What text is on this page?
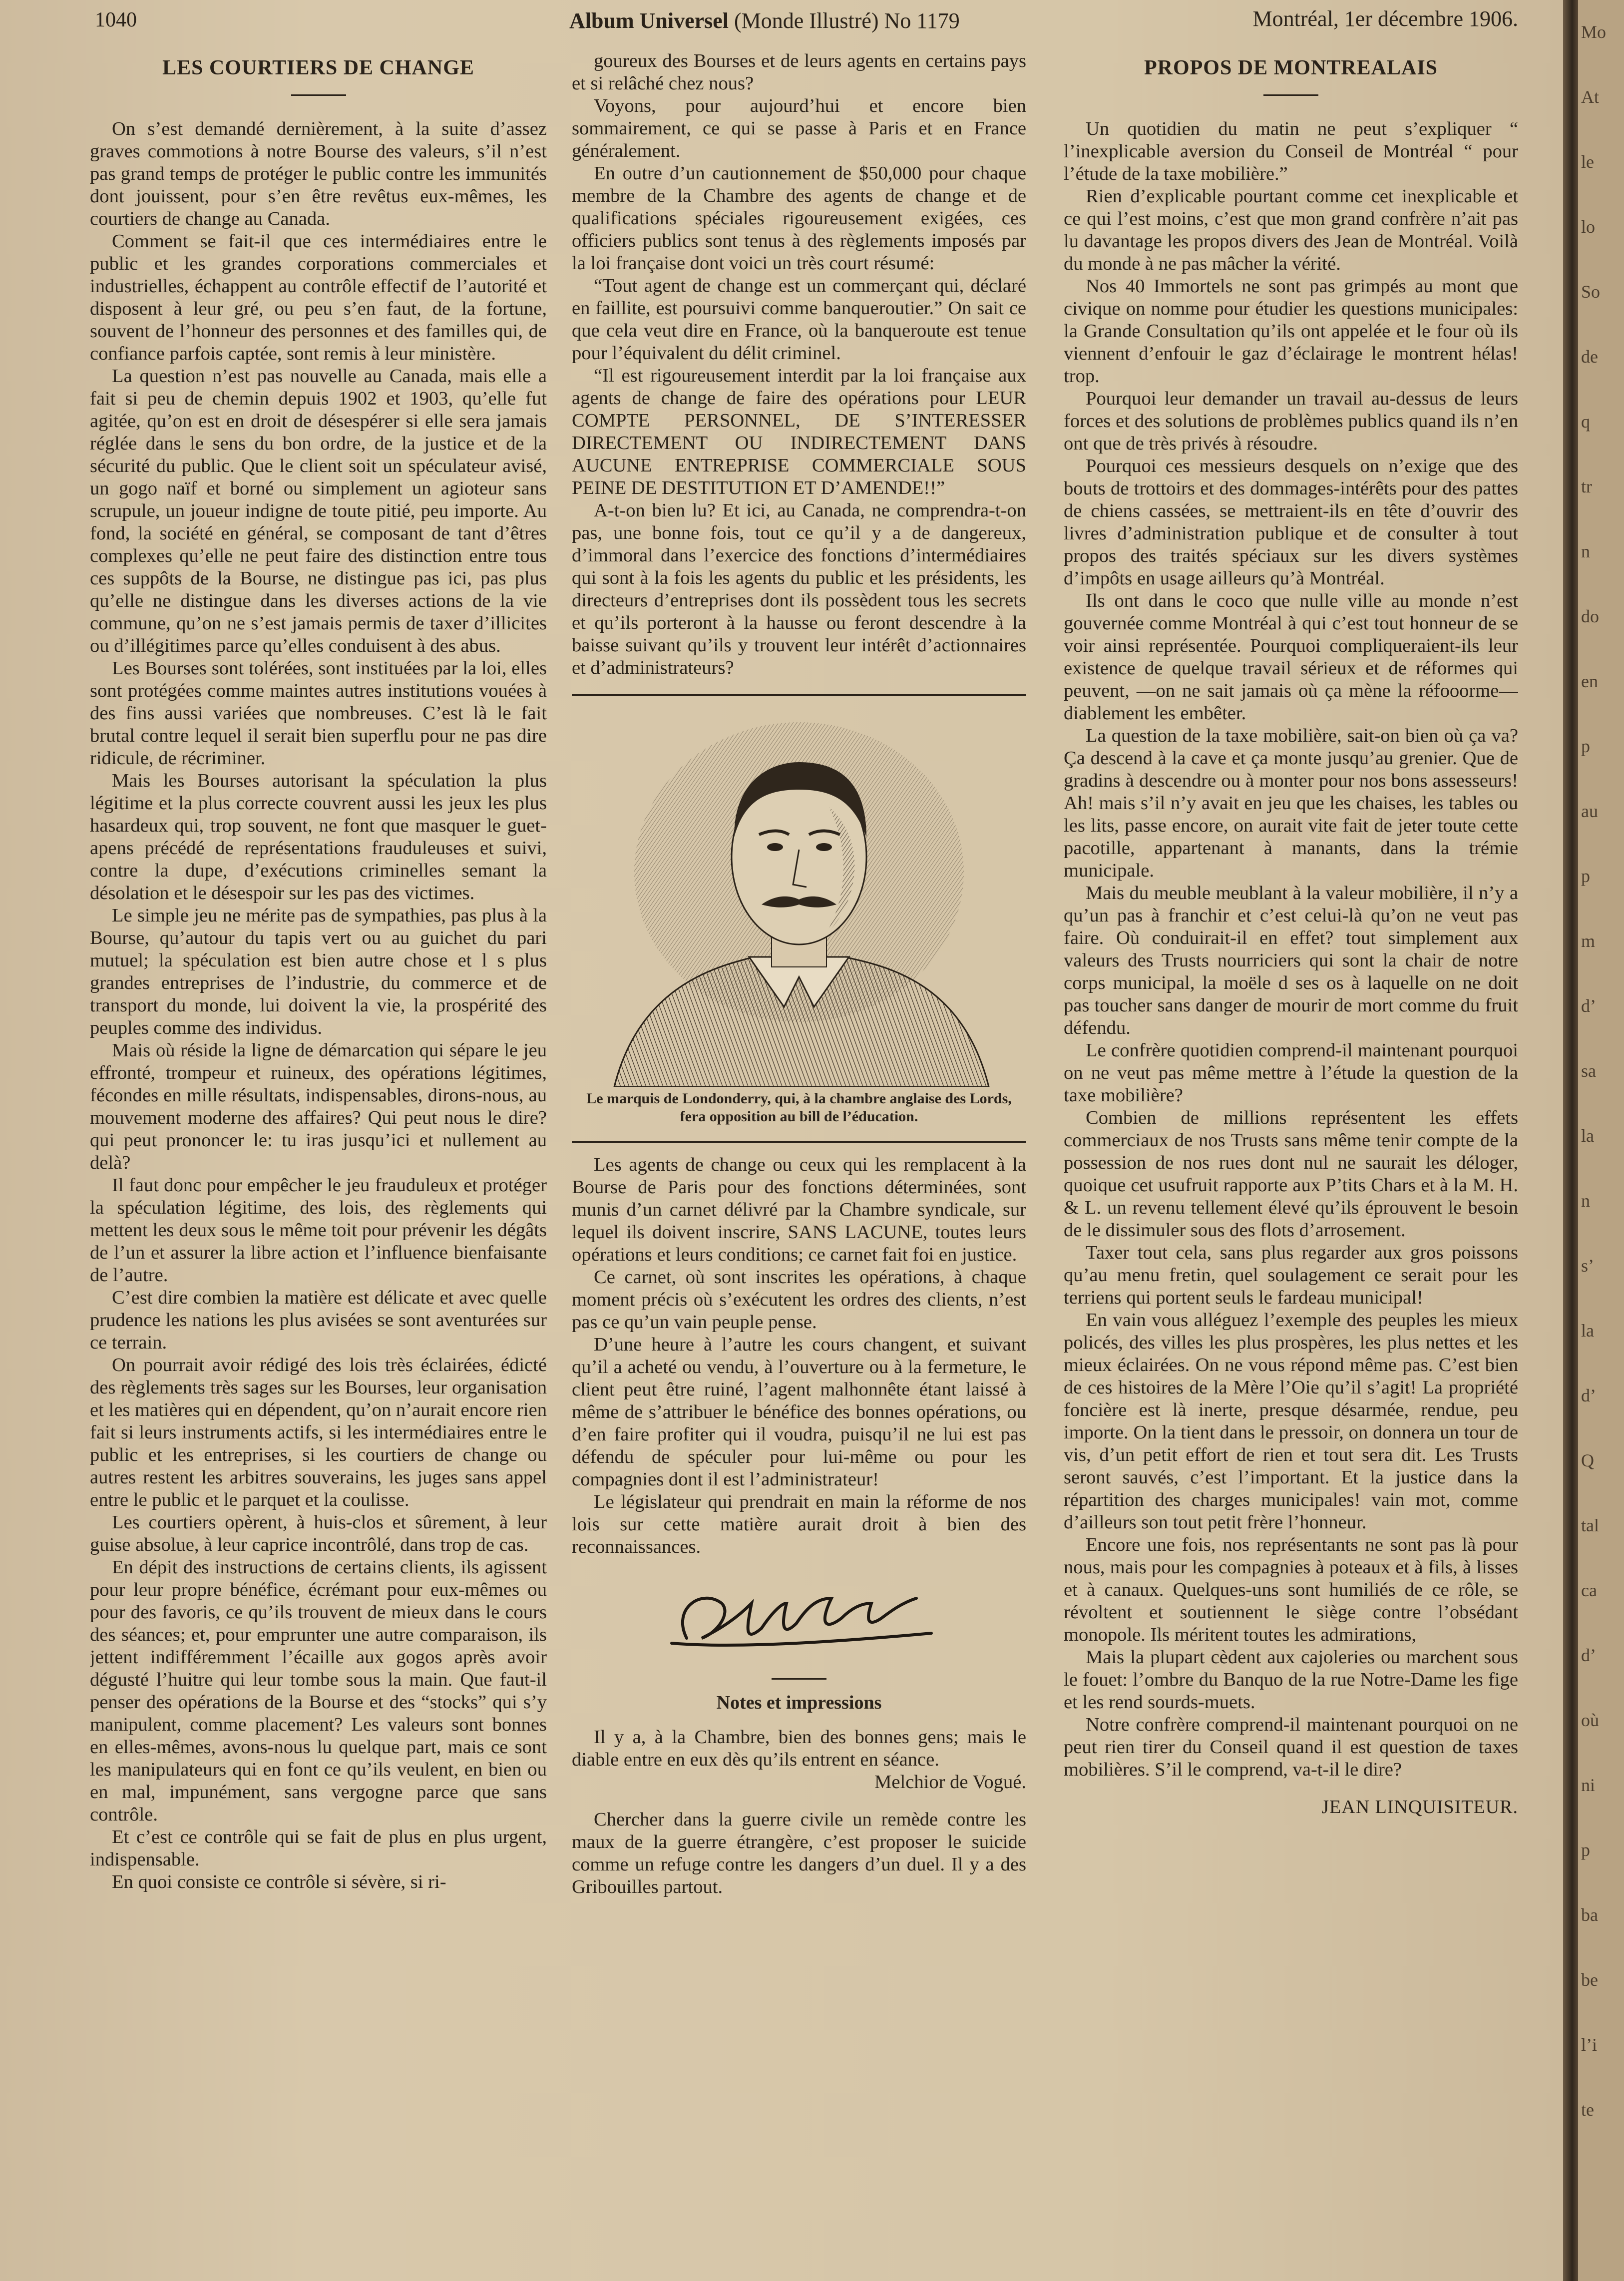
1040	Album Universel (Monde Illustré) No 1179	Montréal, 1er décembre 1906.
LES COURTIERS DE CHANGE

On s’est demandé dernièrement, à la suite d’assez graves commotions à notre Bourse des valeurs, s’il n’est pas grand temps de protéger le public contre les immunités dont jouissent, pour s’en être revêtus eux-mêmes, les courtiers de change au Canada.

Comment se fait-il que ces intermédiaires entre le public et les grandes corporations commerciales et industrielles, échappent au contrôle effectif de l’autorité et disposent à leur gré, ou peu s’en faut, de la fortune, souvent de l’honneur des personnes et des familles qui, de confiance parfois captée, sont remis à leur ministère.

La question n’est pas nouvelle au Canada, mais elle a fait si peu de chemin depuis 1902 et 1903, qu’elle fut agitée, qu’on est en droit de désespérer si elle sera jamais réglée dans le sens du bon ordre, de la justice et de la sécurité du public. Que le client soit un spéculateur avisé, un gogo naïf et borné ou simplement un agioteur sans scrupule, un joueur indigne de toute pitié, peu importe. Au fond, la société en général, se composant de tant d’êtres complexes qu’elle ne peut faire des distinction entre tous ces suppôts de la Bourse, ne distingue pas ici, pas plus qu’elle ne distingue dans les diverses actions de la vie commune, qu’on ne s’est jamais permis de taxer d’illicites ou d’illégitimes parce qu’elles conduisent à des abus.

Les Bourses sont tolérées, sont instituées par la loi, elles sont protégées comme maintes autres institutions vouées à des fins aussi variées que nombreuses. C’est là le fait brutal contre lequel il serait bien superflu pour ne pas dire ridicule, de récriminer.

Mais les Bourses autorisant la spéculation la plus légitime et la plus correcte couvrent aussi les jeux les plus hasardeux qui, trop souvent, ne font que masquer le guet-apens précédé de représentations frauduleuses et suivi, contre la dupe, d’exécutions criminelles semant la désolation et le désespoir sur les pas des victimes.

Le simple jeu ne mérite pas de sympathies, pas plus à la Bourse, qu’autour du tapis vert ou au guichet du pari mutuel; la spéculation est bien autre chose et l s plus grandes entreprises de l’industrie, du commerce et de transport du monde, lui doivent la vie, la prospérité des peuples comme des individus.

Mais où réside la ligne de démarcation qui sépare le jeu effronté, trompeur et ruineux, des opérations légitimes, fécondes en mille résultats, indispensables, dirons-nous, au mouvement moderne des affaires? Qui peut nous le dire? qui peut prononcer le: tu iras jusqu’ici et nullement au delà?

Il faut donc pour empêcher le jeu frauduleux et protéger la spéculation légitime, des lois, des règlements qui mettent les deux sous le même toit pour prévenir les dégâts de l’un et assurer la libre action et l’influence bienfaisante de l’autre.

C’est dire combien la matière est délicate et avec quelle prudence les nations les plus avisées se sont aventurées sur ce terrain.

On pourrait avoir rédigé des lois très éclairées, édicté des règlements très sages sur les Bourses, leur organisation et les matières qui en dépendent, qu’on n’aurait encore rien fait si leurs instruments actifs, si les intermédiaires entre le public et les entreprises, si les courtiers de change ou autres restent les arbitres souverains, les juges sans appel entre le public et le parquet et la coulisse.

Les courtiers opèrent, à huis-clos et sûrement, à leur guise absolue, à leur caprice incontrôlé, dans trop de cas.

En dépit des instructions de certains clients, ils agissent pour leur propre bénéfice, écrémant pour eux-mêmes ou pour des favoris, ce qu’ils trouvent de mieux dans le cours des séances; et, pour emprunter une autre comparaison, ils jettent indifféremment l’écaille aux gogos après avoir dégusté l’huitre qui leur tombe sous la main. Que faut-il penser des opérations de la Bourse et des “stocks” qui s’y manipulent, comme placement? Les valeurs sont bonnes en elles-mêmes, avons-nous lu quelque part, mais ce sont les manipulateurs qui en font ce qu’ils veulent, en bien ou en mal, impunément, sans vergogne parce que sans contrôle.

Et c’est ce contrôle qui se fait de plus en plus urgent, indispensable.

En quoi consiste ce contrôle si sévère, si ri-

goureux des Bourses et de leurs agents en certains pays et si relâché chez nous?

Voyons, pour aujourd’hui et encore bien sommairement, ce qui se passe à Paris et en France généralement.

En outre d’un cautionnement de $50,000 pour chaque membre de la Chambre des agents de change et de qualifications spéciales rigoureusement exigées, ces officiers publics sont tenus à des règlements imposés par la loi française dont voici un très court résumé:

“Tout agent de change est un commerçant qui, déclaré en faillite, est poursuivi comme banqueroutier.” On sait ce que cela veut dire en France, où la banqueroute est tenue pour l’équivalent du délit criminel.

“Il est rigoureusement interdit par la loi française aux agents de change de faire des opérations pour LEUR COMPTE PERSONNEL, DE S’INTERESSER DIRECTEMENT OU INDIRECTEMENT DANS AUCUNE ENTREPRISE COMMERCIALE SOUS PEINE DE DESTITUTION ET D’AMENDE!!”

A-t-on bien lu? Et ici, au Canada, ne comprendra-t-on pas, une bonne fois, tout ce qu’il y a de dangereux, d’immoral dans l’exercice des fonctions d’intermédiaires qui sont à la fois les agents du public et les présidents, les directeurs d’entreprises dont ils possèdent tous les secrets et qu’ils porteront à la hausse ou feront descendre à la baisse suivant qu’ils y trouvent leur intérêt d’actionnaires et d’administrateurs?

Le marquis de Londonderry, qui, à la chambre anglaise des Lords, fera opposition au bill de l’éducation.

Les agents de change ou ceux qui les remplacent à la Bourse de Paris pour des fonctions déterminées, sont munis d’un carnet délivré par la Chambre syndicale, sur lequel ils doivent inscrire, SANS LACUNE, toutes leurs opérations et leurs conditions; ce carnet fait foi en justice.

Ce carnet, où sont inscrites les opérations, à chaque moment précis où s’exécutent les ordres des clients, n’est pas ce qu’un vain peuple pense.

D’une heure à l’autre les cours changent, et suivant qu’il a acheté ou vendu, à l’ouverture ou à la fermeture, le client peut être ruiné, l’agent malhonnête étant laissé à même de s’attribuer le bénéfice des bonnes opérations, ou d’en faire profiter qui il voudra, puisqu’il ne lui est pas défendu de spéculer pour lui-même ou pour les compagnies dont il est l’administrateur!

Le législateur qui prendrait en main la réforme de nos lois sur cette matière aurait droit à bien des reconnaissances.

Notes et impressions

Il y a, à la Chambre, bien des bonnes gens; mais le diable entre en eux dès qu’ils entrent en séance.
Melchior de Vogué.

Chercher dans la guerre civile un remède contre les maux de la guerre étrangère, c’est proposer le suicide comme un refuge contre les dangers d’un duel. Il y a des Gribouilles partout.

PROPOS DE MONTREALAIS

Un quotidien du matin ne peut s’expliquer “ l’inexplicable aversion du Conseil de Montréal “ pour l’étude de la taxe mobilière.”

Rien d’explicable pourtant comme cet inexplicable et ce qui l’est moins, c’est que mon grand confrère n’ait pas lu davantage les propos divers des Jean de Montréal. Voilà du monde à ne pas mâcher la vérité.

Nos 40 Immortels ne sont pas grimpés au mont que civique on nomme pour étudier les questions municipales: la Grande Consultation qu’ils ont appelée et le four où ils viennent d’enfouir le gaz d’éclairage le montrent hélas! trop.

Pourquoi leur demander un travail au-dessus de leurs forces et des solutions de problèmes publics quand ils n’en ont que de très privés à résoudre.

Pourquoi ces messieurs desquels on n’exige que des bouts de trottoirs et des dommages-intérêts pour des pattes de chiens cassées, se mettraient-ils en tête d’ouvrir des livres d’administration publique et de consulter à tout propos des traités spéciaux sur les divers systèmes d’impôts en usage ailleurs qu’à Montréal.

Ils ont dans le coco que nulle ville au monde n’est gouvernée comme Montréal à qui c’est tout honneur de se voir ainsi représentée. Pourquoi compliqueraient-ils leur existence de quelque travail sérieux et de réformes qui peuvent, —on ne sait jamais où ça mène la réfooorme— diablement les embêter.

La question de la taxe mobilière, sait-on bien où ça va? Ça descend à la cave et ça monte jusqu’au grenier. Que de gradins à descendre ou à monter pour nos bons assesseurs! Ah! mais s’il n’y avait en jeu que les chaises, les tables ou les lits, passe encore, on aurait vite fait de jeter toute cette pacotille, appartenant à manants, dans la trémie municipale.

Mais du meuble meublant à la valeur mobilière, il n’y a qu’un pas à franchir et c’est celui-là qu’on ne veut pas faire. Où conduirait-il en effet? tout simplement aux valeurs des Trusts nourriciers qui sont la chair de notre corps municipal, la moële d ses os à laquelle on ne doit pas toucher sans danger de mourir de mort comme du fruit défendu.

Le confrère quotidien comprend-il maintenant pourquoi on ne veut pas même mettre à l’étude la question de la taxe mobilière?

Combien de millions représentent les effets commerciaux de nos Trusts sans même tenir compte de la possession de nos rues dont nul ne saurait les déloger, quoique cet usufruit rapporte aux P’tits Chars et à la M. H. & L. un revenu tellement élevé qu’ils éprouvent le besoin de le dissimuler sous des flots d’arrosement.

Taxer tout cela, sans plus regarder aux gros poissons qu’au menu fretin, quel soulagement ce serait pour les terriens qui portent seuls le fardeau municipal!

En vain vous alléguez l’exemple des peuples les mieux policés, des villes les plus prospères, les plus nettes et les mieux éclairées. On ne vous répond même pas. C’est bien de ces histoires de la Mère l’Oie qu’il s’agit! La propriété foncière est là inerte, presque désarmée, rendue, peu importe. On la tient dans le pressoir, on donnera un tour de vis, d’un petit effort de rien et tout sera dit. Les Trusts seront sauvés, c’est l’important. Et la justice dans la répartition des charges municipales! vain mot, comme d’ailleurs son tout petit frère l’honneur.

Encore une fois, nos représentants ne sont pas là pour nous, mais pour les compagnies à poteaux et à fils, à lisses et à canaux. Quelques-uns sont humiliés de ce rôle, se révoltent et soutiennent le siège contre l’obsédant monopole. Ils méritent toutes les admirations,

Mais la plupart cèdent aux cajoleries ou marchent sous le fouet: l’ombre du Banquo de la rue Notre-Dame les fige et les rend sourds-muets.

Notre confrère comprend-il maintenant pourquoi on ne peut rien tirer du Conseil quand il est question de taxes mobilières. S’il le comprend, va-t-il le dire?

JEAN LINQUISITEUR.
Mo
At
le
lo
So
de
q
tr
n
do
en
p
au
p
m
d’
sa
la
n
s’
la
d’
Q
tal
ca
d’
où
ni
p
ba
be
l’i
te
